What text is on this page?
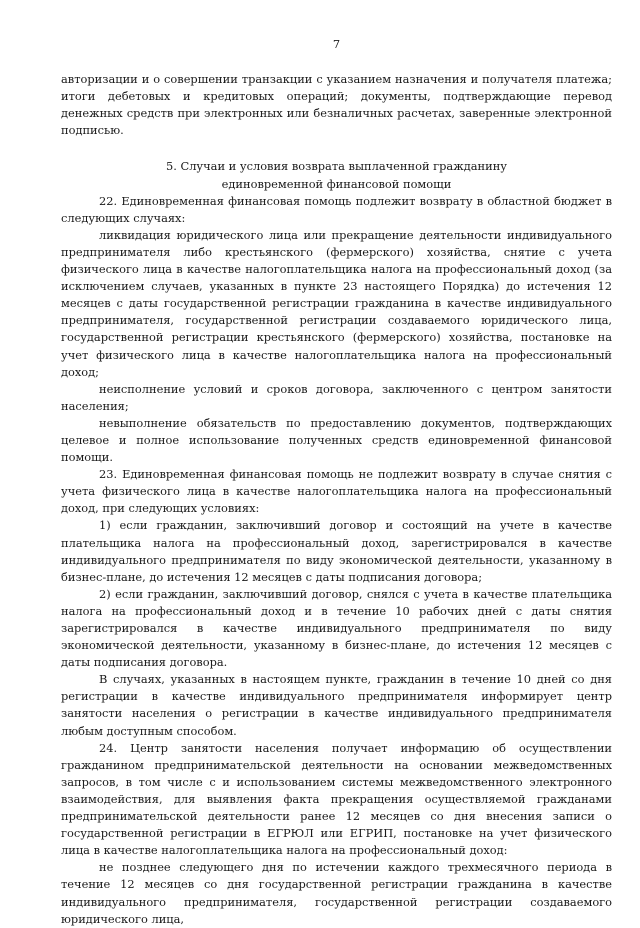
7

авторизации и о совершении транзакции с указанием назначения и получателя платежа; итоги дебетовых и кредитовых операций; документы, подтверждающие перевод денежных средств при электронных или безналичных расчетах, заверенные электронной подписью.

5. Случаи и условия возврата выплаченной гражданину
единовременной финансовой помощи

22. Единовременная финансовая помощь подлежит возврату в областной бюджет в следующих случаях:

ликвидация юридического лица или прекращение деятельности индивидуального предпринимателя либо крестьянского (фермерского) хозяйства, снятие с учета физического лица в качестве налогоплательщика налога на профессиональный доход (за исключением случаев, указанных в пункте 23 настоящего Порядка) до истечения 12 месяцев с даты государственной регистрации гражданина в качестве индивидуального предпринимателя, государственной регистрации создаваемого юридического лица, государственной регистрации крестьянского (фермерского) хозяйства, постановке на учет физического лица в качестве налогоплательщика налога на профессиональный доход;

неисполнение условий и сроков договора, заключенного с центром занятости населения;

невыполнение обязательств по предоставлению документов, подтверждающих целевое и полное использование полученных средств единовременной финансовой помощи.

23. Единовременная финансовая помощь не подлежит возврату в случае снятия с учета физического лица в качестве налогоплательщика налога на профессиональный доход, при следующих условиях:

1) если гражданин, заключивший договор и состоящий на учете в качестве плательщика налога на профессиональный доход, зарегистрировался в качестве индивидуального предпринимателя по виду экономической деятельности, указанному в бизнес-плане, до истечения 12 месяцев с даты подписания договора;

2) если гражданин, заключивший договор, снялся с учета в качестве плательщика налога на профессиональный доход и в течение 10 рабочих дней с даты снятия зарегистрировался в качестве индивидуального предпринимателя по виду экономической деятельности, указанному в бизнес-плане, до истечения 12 месяцев с даты подписания договора.

В случаях, указанных в настоящем пункте, гражданин в течение 10 дней со дня регистрации в качестве индивидуального предпринимателя информирует центр занятости населения о регистрации в качестве индивидуального предпринимателя любым доступным способом.

24. Центр занятости населения получает информацию об осуществлении гражданином предпринимательской деятельности на основании межведомственных запросов, в том числе с и использованием системы межведомственного электронного взаимодействия, для выявления факта прекращения осуществляемой гражданами предпринимательской деятельности ранее 12 месяцев со дня внесения записи о государственной регистрации в ЕГРЮЛ или ЕГРИП, постановке на учет физического лица в качестве налогоплательщика налога на профессиональный доход:

не позднее следующего дня по истечении каждого трехмесячного периода в течение 12 месяцев со дня государственной регистрации гражданина в качестве индивидуального предпринимателя, государственной регистрации создаваемого юридического лица,
